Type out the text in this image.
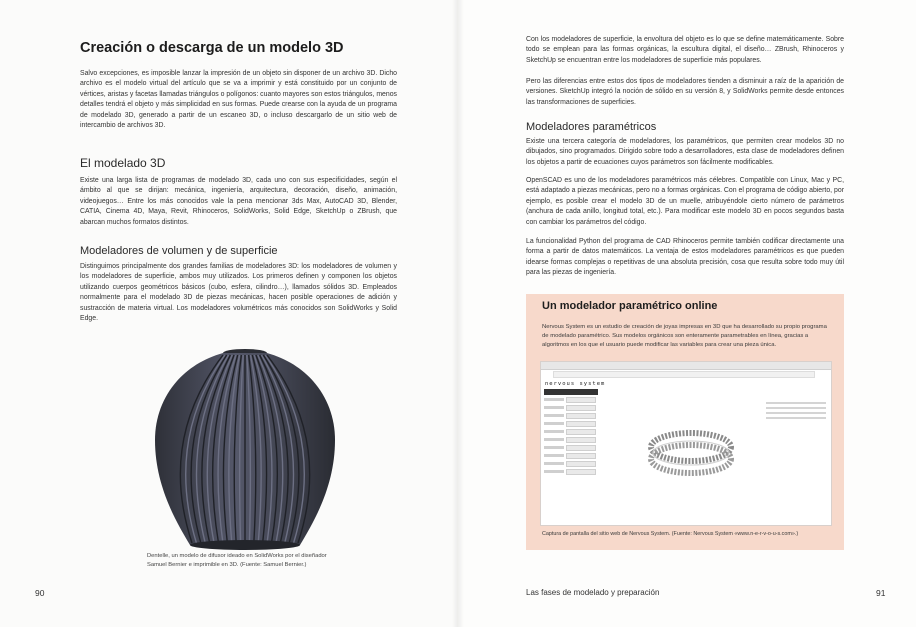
Creación o descarga de un modelo 3D

Salvo excepciones, es imposible lanzar la impresión de un objeto sin disponer de un archivo 3D. Dicho archivo es el modelo virtual del artículo que se va a imprimir y está constituido por un conjunto de vértices, aristas y facetas llamadas triángulos o polígonos: cuanto mayores son estos triángulos, menos detalles tendrá el objeto y más simplicidad en sus formas. Puede crearse con la ayuda de un programa de modelado 3D, generado a partir de un escaneo 3D, o incluso descargarlo de un sitio web de intercambio de archivos 3D.

El modelado 3D

Existe una larga lista de programas de modelado 3D, cada uno con sus especificidades, según el ámbito al que se dirijan: mecánica, ingeniería, arquitectura, decoración, diseño, animación, videojuegos… Entre los más conocidos vale la pena mencionar 3ds Max, AutoCAD 3D, Blender, CATIA, Cinema 4D, Maya, Revit, Rhinoceros, SolidWorks, Solid Edge, SketchUp o ZBrush, que abarcan muchos formatos distintos.

Modeladores de volumen y de superficie

Distinguimos principalmente dos grandes familias de modeladores 3D: los modeladores de volumen y los modeladores de superficie, ambos muy utilizados. Los primeros definen y componen los objetos utilizando cuerpos geométricos básicos (cubo, esfera, cilindro…), llamados sólidos 3D. Empleados normalmente para el modelado 3D de piezas mecánicas, hacen posible operaciones de adición y sustracción de materia virtual. Los modeladores volumétricos más conocidos son SolidWorks y Solid Edge.

Dentelle, un modelo de difusor ideado en SolidWorks por el diseñador Samuel Bernier e imprimible en 3D. (Fuente: Samuel Bernier.)
90

Con los modeladores de superficie, la envoltura del objeto es lo que se define matemáticamente. Sobre todo se emplean para las formas orgánicas, la escultura digital, el diseño… ZBrush, Rhinoceros y SketchUp se encuentran entre los modeladores de superficie más populares.

Pero las diferencias entre estos dos tipos de modeladores tienden a disminuir a raíz de la aparición de versiones. SketchUp integró la noción de sólido en su versión 8, y SolidWorks permite desde entonces las transformaciones de superficies.

Modeladores paramétricos

Existe una tercera categoría de modeladores, los paramétricos, que permiten crear modelos 3D no dibujados, sino programados. Dirigido sobre todo a desarrolladores, esta clase de modeladores definen los objetos a partir de ecuaciones cuyos parámetros son fácilmente modificables.

OpenSCAD es uno de los modeladores paramétricos más célebres. Compatible con Linux, Mac y PC, está adaptado a piezas mecánicas, pero no a formas orgánicas. Con el programa de código abierto, por ejemplo, es posible crear el modelo 3D de un muelle, atribuyéndole cierto número de parámetros (anchura de cada anillo, longitud total, etc.). Para modificar este modelo 3D en pocos segundos basta con cambiar los parámetros del código.

La funcionalidad Python del programa de CAD Rhinoceros permite también codificar directamente una forma a partir de datos matemáticos. La ventaja de estos modeladores paramétricos es que pueden idearse formas complejas o repetitivas de una absoluta precisión, cosa que resulta sobre todo muy útil para las piezas de ingeniería.

Un modelador paramétrico online
Nervous System es un estudio de creación de joyas impresas en 3D que ha desarrollado su propio programa de modelado paramétrico. Sus modelos orgánicos son enteramente parametrables en línea, gracias a algoritmos en los que el usuario puede modificar las variables para crear una pieza única.
nervous system
Captura de pantalla del sitio web de Nervous System. (Fuente: Nervous System «www.n-e-r-v-o-u-s.com».)
Las fases de modelado y preparación	91
